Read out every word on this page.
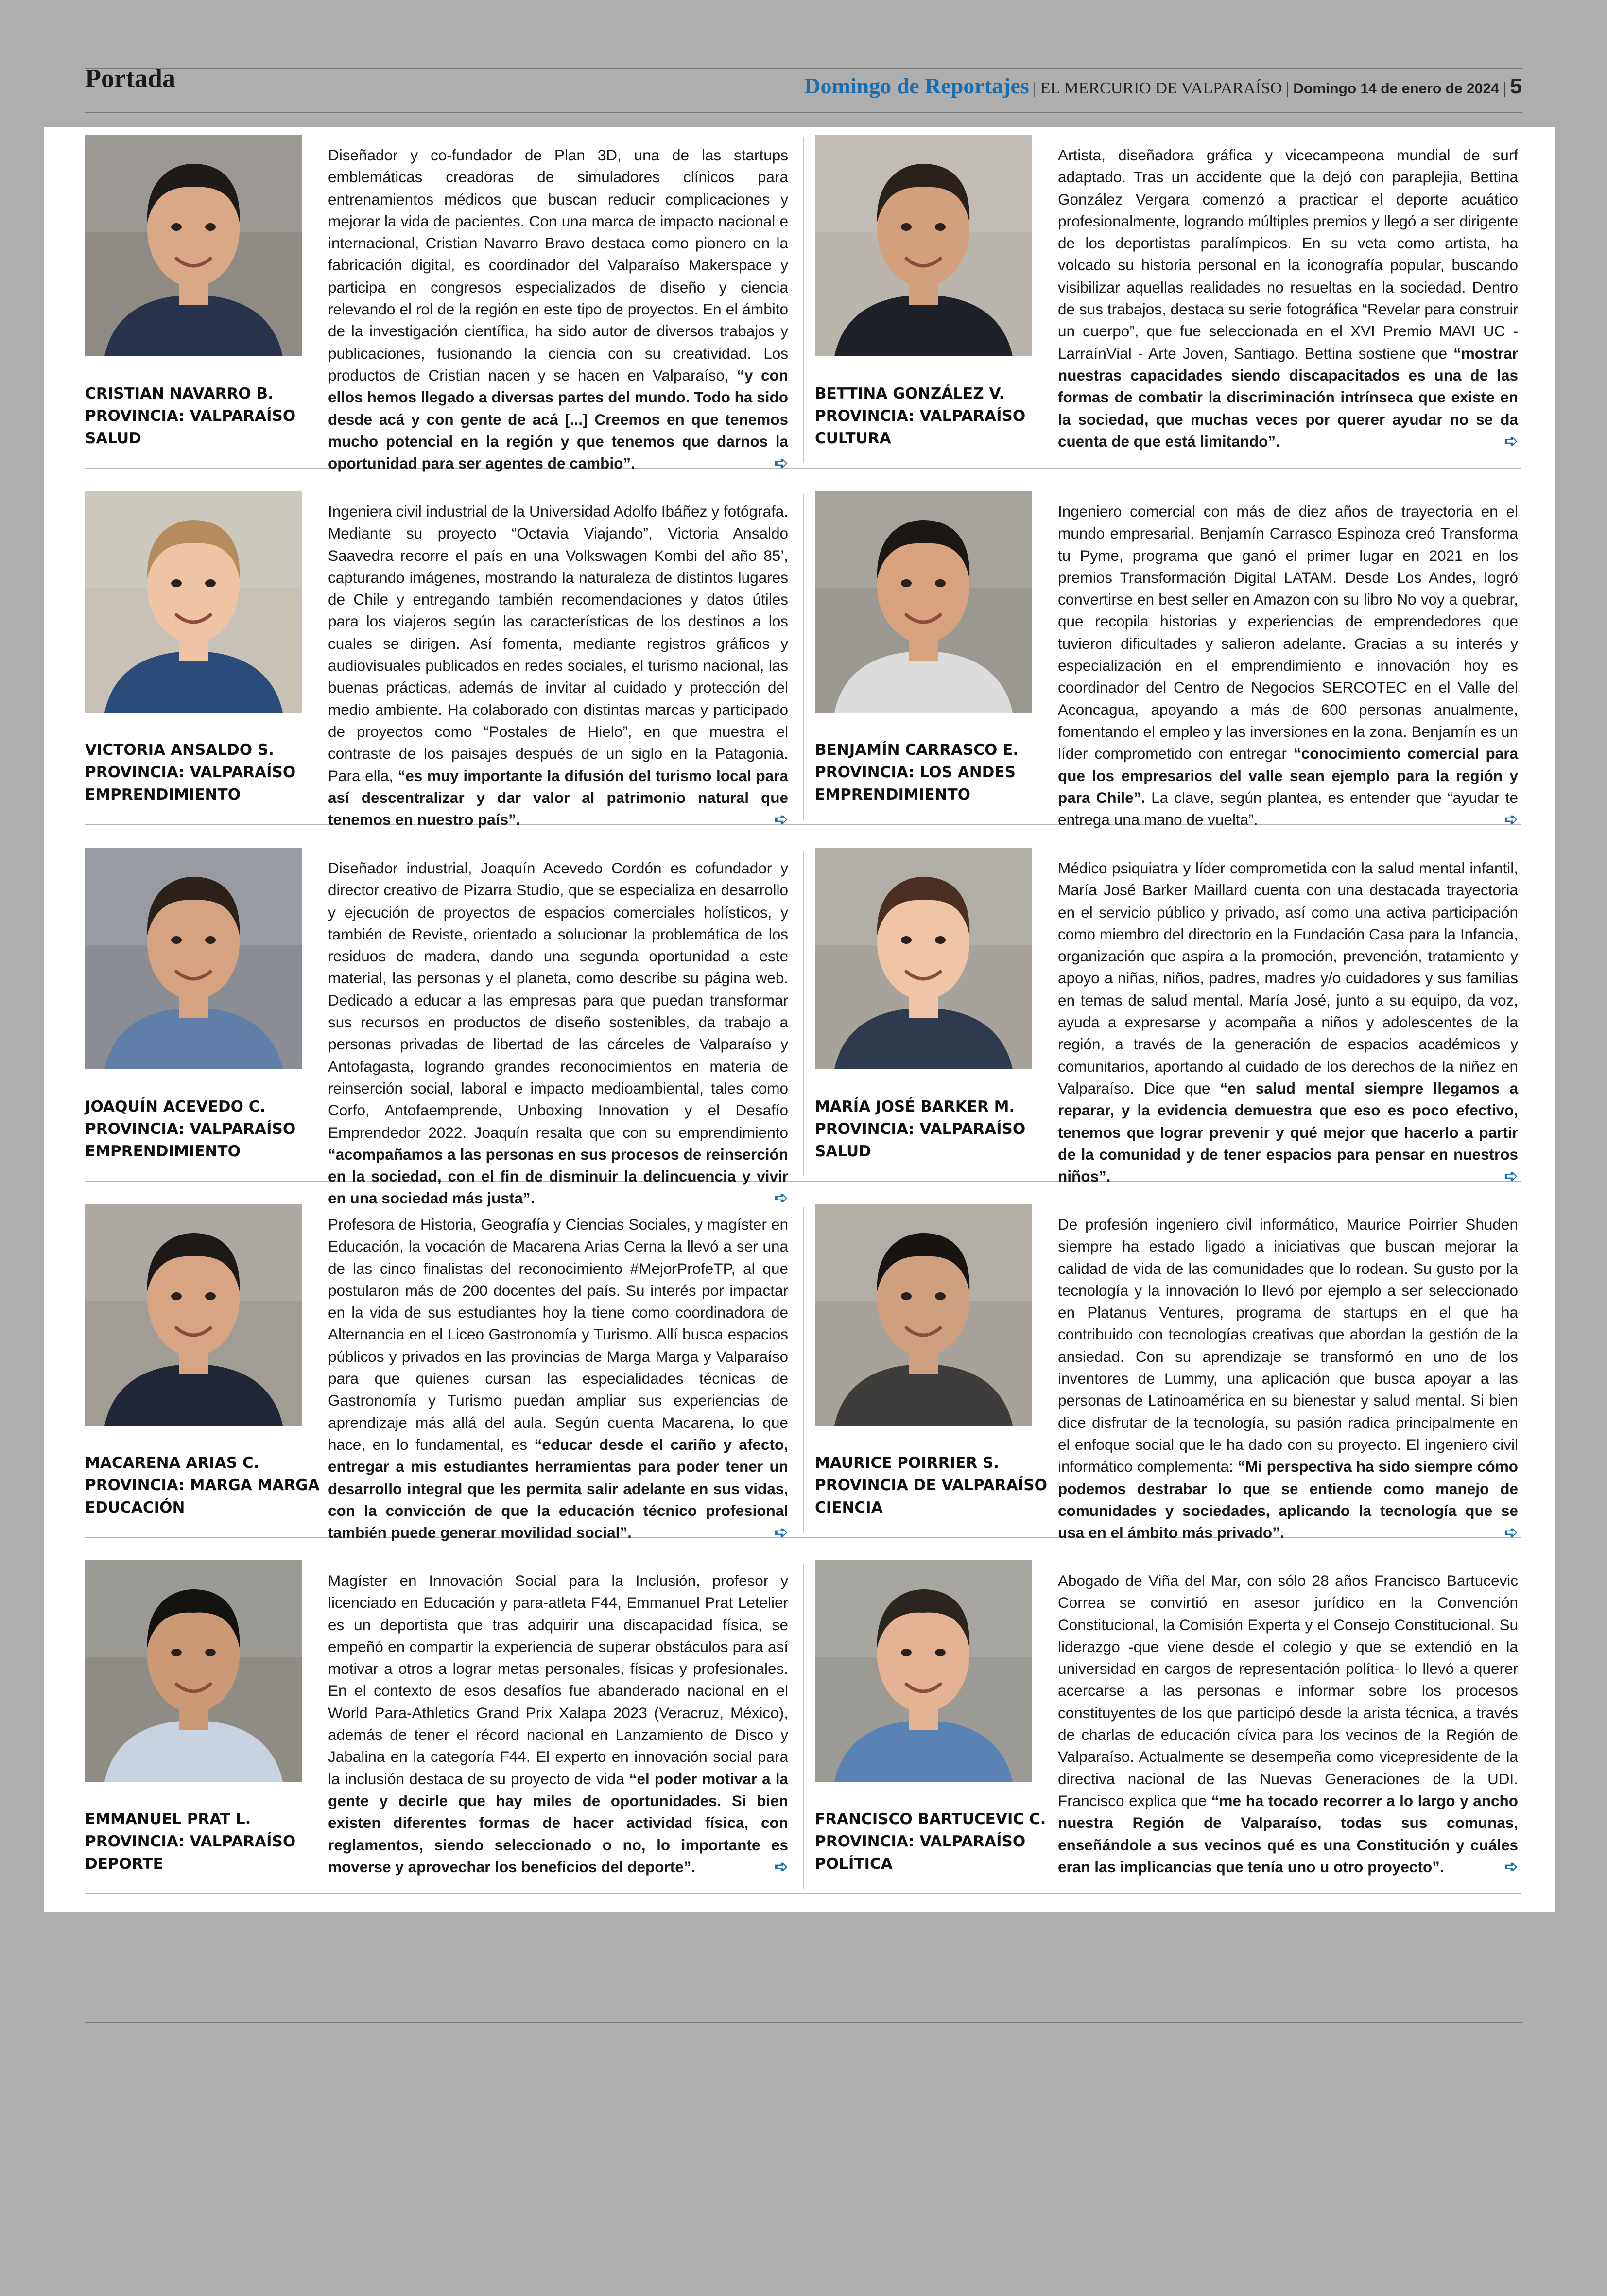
Portada	Domingo de Reportajes | EL MERCURIO DE VALPARAÍSO | Domingo 14 de enero de 2024 | 5
CRISTIAN NAVARRO B.
PROVINCIA: VALPARAÍSO
SALUD
Diseñador y co-fundador de Plan 3D, una de las startups emblemáticas creadoras de simuladores clínicos para entrenamientos médicos que buscan reducir complicaciones y mejorar la vida de pacientes. Con una marca de impacto nacional e internacional, Cristian Navarro Bravo destaca como pionero en la fabricación digital, es coordinador del Valparaíso Makerspace y participa en congresos especializados de diseño y ciencia relevando el rol de la región en este tipo de proyectos. En el ámbito de la investigación científica, ha sido autor de diversos trabajos y publicaciones, fusionando la ciencia con su creatividad. Los productos de Cristian nacen y se hacen en Valparaíso, “y con ellos hemos llegado a diversas partes del mundo. Todo ha sido desde acá y con gente de acá [...] Creemos en que tenemos mucho potencial en la región y que tenemos que darnos la oportunidad para ser agentes de cambio”.	➪
BETTINA GONZÁLEZ V.
PROVINCIA: VALPARAÍSO
CULTURA
Artista, diseñadora gráfica y vicecampeona mundial de surf adaptado. Tras un accidente que la dejó con paraplejia, Bettina González Vergara comenzó a practicar el deporte acuático profesionalmente, logrando múltiples premios y llegó a ser dirigente de los deportistas paralímpicos. En su veta como artista, ha volcado su historia personal en la iconografía popular, buscando visibilizar aquellas realidades no resueltas en la sociedad. Dentro de sus trabajos, destaca su serie fotográfica “Revelar para construir un cuerpo”, que fue seleccionada en el XVI Premio MAVI UC - LarraínVial - Arte Joven, Santiago. Bettina sostiene que “mostrar nuestras capacidades siendo discapacitados es una de las formas de combatir la discriminación intrínseca que existe en la sociedad, que muchas veces por querer ayudar no se da cuenta de que está limitando”.	➪
VICTORIA ANSALDO S.
PROVINCIA: VALPARAÍSO
EMPRENDIMIENTO
Ingeniera civil industrial de la Universidad Adolfo Ibáñez y fotógrafa. Mediante su proyecto “Octavia Viajando”, Victoria Ansaldo Saavedra recorre el país en una Volkswagen Kombi del año 85’, capturando imágenes, mostrando la naturaleza de distintos lugares de Chile y entregando también recomendaciones y datos útiles para los viajeros según las características de los destinos a los cuales se dirigen. Así fomenta, mediante registros gráficos y audiovisuales publicados en redes sociales, el turismo nacional, las buenas prácticas, además de invitar al cuidado y protección del medio ambiente. Ha colaborado con distintas marcas y participado de proyectos como “Postales de Hielo”, en que muestra el contraste de los paisajes después de un siglo en la Patagonia. Para ella, “es muy importante la difusión del turismo local para así descentralizar y dar valor al patrimonio natural que tenemos en nuestro país”.	➪
BENJAMÍN CARRASCO E.
PROVINCIA: LOS ANDES
EMPRENDIMIENTO
Ingeniero comercial con más de diez años de trayectoria en el mundo empresarial, Benjamín Carrasco Espinoza creó Transforma tu Pyme, programa que ganó el primer lugar en 2021 en los premios Transformación Digital LATAM. Desde Los Andes, logró convertirse en best seller en Amazon con su libro No voy a quebrar, que recopila historias y experiencias de emprendedores que tuvieron dificultades y salieron adelante. Gracias a su interés y especialización en el emprendimiento e innovación hoy es coordinador del Centro de Negocios SERCOTEC en el Valle del Aconcagua, apoyando a más de 600 personas anualmente, fomentando el empleo y las inversiones en la zona. Benjamín es un líder comprometido con entregar “conocimiento comercial para que los empresarios del valle sean ejemplo para la región y para Chile”. La clave, según plantea, es entender que “ayudar te entrega una mano de vuelta”.	➪
JOAQUÍN ACEVEDO C.
PROVINCIA: VALPARAÍSO
EMPRENDIMIENTO
Diseñador industrial, Joaquín Acevedo Cordón es cofundador y director creativo de Pizarra Studio, que se especializa en desarrollo y ejecución de proyectos de espacios comerciales holísticos, y también de Reviste, orientado a solucionar la problemática de los residuos de madera, dando una segunda oportunidad a este material, las personas y el planeta, como describe su página web. Dedicado a educar a las empresas para que puedan transformar sus recursos en productos de diseño sostenibles, da trabajo a personas privadas de libertad de las cárceles de Valparaíso y Antofagasta, logrando grandes reconocimientos en materia de reinserción social, laboral e impacto medioambiental, tales como Corfo, Antofaemprende, Unboxing Innovation y el Desafío Emprendedor 2022. Joaquín resalta que con su emprendimiento “acompañamos a las personas en sus procesos de reinserción en la sociedad, con el fin de disminuir la delincuencia y vivir en una sociedad más justa”.	➪
MARÍA JOSÉ BARKER M.
PROVINCIA: VALPARAÍSO
SALUD
Médico psiquiatra y líder comprometida con la salud mental infantil, María José Barker Maillard cuenta con una destacada trayectoria en el servicio público y privado, así como una activa participación como miembro del directorio en la Fundación Casa para la Infancia, organización que aspira a la promoción, prevención, tratamiento y apoyo a niñas, niños, padres, madres y/o cuidadores y sus familias en temas de salud mental. María José, junto a su equipo, da voz, ayuda a expresarse y acompaña a niños y adolescentes de la región, a través de la generación de espacios académicos y comunitarios, aportando al cuidado de los derechos de la niñez en Valparaíso. Dice que “en salud mental siempre llegamos a reparar, y la evidencia demuestra que eso es poco efectivo, tenemos que lograr prevenir y qué mejor que hacerlo a partir de la comunidad y de tener espacios para pensar en nuestros niños”.	➪
MACARENA ARIAS C.
PROVINCIA: MARGA MARGA
EDUCACIÓN
Profesora de Historia, Geografía y Ciencias Sociales, y magíster en Educación, la vocación de Macarena Arias Cerna la llevó a ser una de las cinco finalistas del reconocimiento #MejorProfeTP, al que postularon más de 200 docentes del país. Su interés por impactar en la vida de sus estudiantes hoy la tiene como coordinadora de Alternancia en el Liceo Gastronomía y Turismo. Allí busca espacios públicos y privados en las provincias de Marga Marga y Valparaíso para que quienes cursan las especialidades técnicas de Gastronomía y Turismo puedan ampliar sus experiencias de aprendizaje más allá del aula. Según cuenta Macarena, lo que hace, en lo fundamental, es “educar desde el cariño y afecto, entregar a mis estudiantes herramientas para poder tener un desarrollo integral que les permita salir adelante en sus vidas, con la convicción de que la educación técnico profesional también puede generar movilidad social”.	➪
MAURICE POIRRIER S.
PROVINCIA DE VALPARAÍSO
CIENCIA
De profesión ingeniero civil informático, Maurice Poirrier Shuden siempre ha estado ligado a iniciativas que buscan mejorar la calidad de vida de las comunidades que lo rodean. Su gusto por la tecnología y la innovación lo llevó por ejemplo a ser seleccionado en Platanus Ventures, programa de startups en el que ha contribuido con tecnologías creativas que abordan la gestión de la ansiedad. Con su aprendizaje se transformó en uno de los inventores de Lummy, una aplicación que busca apoyar a las personas de Latinoamérica en su bienestar y salud mental. Si bien dice disfrutar de la tecnología, su pasión radica principalmente en el enfoque social que le ha dado con su proyecto. El ingeniero civil informático complementa: “Mi perspectiva ha sido siempre cómo podemos destrabar lo que se entiende como manejo de comunidades y sociedades, aplicando la tecnología que se usa en el ámbito más privado”.	➪
EMMANUEL PRAT L.
PROVINCIA: VALPARAÍSO
DEPORTE
Magíster en Innovación Social para la Inclusión, profesor y licenciado en Educación y para-atleta F44, Emmanuel Prat Letelier es un deportista que tras adquirir una discapacidad física, se empeñó en compartir la experiencia de superar obstáculos para así motivar a otros a lograr metas personales, físicas y profesionales. En el contexto de esos desafíos fue abanderado nacional en el World Para-Athletics Grand Prix Xalapa 2023 (Veracruz, México), además de tener el récord nacional en Lanzamiento de Disco y Jabalina en la categoría F44. El experto en innovación social para la inclusión destaca de su proyecto de vida “el poder motivar a la gente y decirle que hay miles de oportunidades. Si bien existen diferentes formas de hacer actividad física, con reglamentos, siendo seleccionado o no, lo importante es moverse y aprovechar los beneficios del deporte”.	➪
FRANCISCO BARTUCEVIC C.
PROVINCIA: VALPARAÍSO
POLÍTICA
Abogado de Viña del Mar, con sólo 28 años Francisco Bartucevic Correa se convirtió en asesor jurídico en la Convención Constitucional, la Comisión Experta y el Consejo Constitucional. Su liderazgo -que viene desde el colegio y que se extendió en la universidad en cargos de representación política- lo llevó a querer acercarse a las personas e informar sobre los procesos constituyentes de los que participó desde la arista técnica, a través de charlas de educación cívica para los vecinos de la Región de Valparaíso. Actualmente se desempeña como vicepresidente de la directiva nacional de las Nuevas Generaciones de la UDI. Francisco explica que “me ha tocado recorrer a lo largo y ancho nuestra Región de Valparaíso, todas sus comunas, enseñándole a sus vecinos qué es una Constitución y cuáles eran las implicancias que tenía uno u otro proyecto”.	➪
